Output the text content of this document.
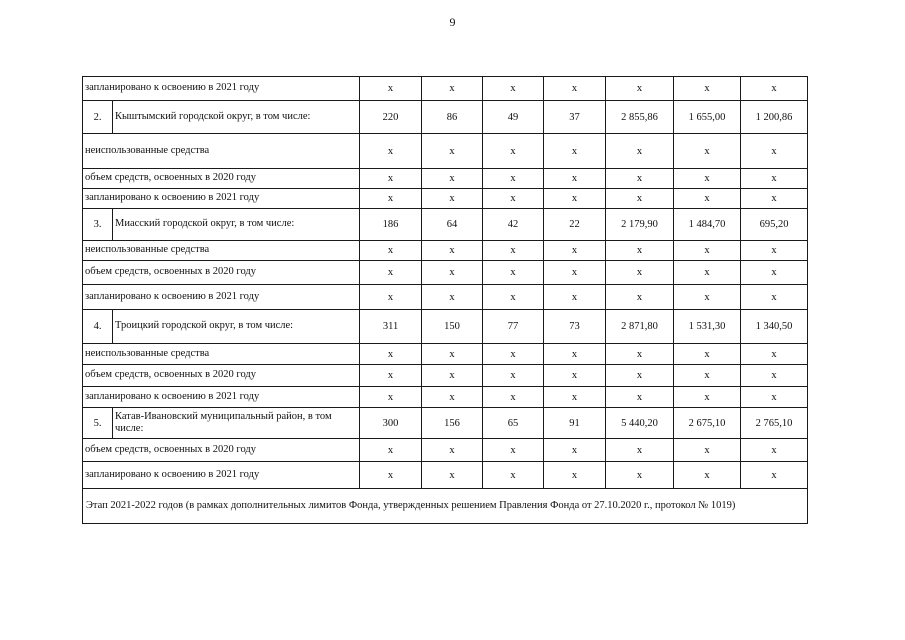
9
запланировано к освоению в 2021 году		х	х	х	х	х	х	х
2.	Кыштымский городской округ, в том числе:	220	86	49	37	2 855,86	1 655,00	1 200,86
неиспользованные средства		х	х	х	х	х	х	х
объем средств, освоенных в 2020 году		х	х	х	х	х	х	х
запланировано к освоению в 2021 году		х	х	х	х	х	х	х
3.	Миасский городской округ, в том числе:	186	64	42	22	2 179,90	1 484,70	695,20
неиспользованные средства		х	х	х	х	х	х	х
объем средств, освоенных в 2020 году		х	х	х	х	х	х	х
запланировано к освоению в 2021 году		х	х	х	х	х	х	х
4.	Троицкий городской округ, в том числе:	311	150	77	73	2 871,80	1 531,30	1 340,50
неиспользованные средства		х	х	х	х	х	х	х
объем средств, освоенных в 2020 году		х	х	х	х	х	х	х
запланировано к освоению в 2021 году		х	х	х	х	х	х	х
5.	Катав-Ивановский муниципальный район, в том числе:	300	156	65	91	5 440,20	2 675,10	2 765,10
объем средств, освоенных в 2020 году		х	х	х	х	х	х	х
запланировано к освоению в 2021 году		х	х	х	х	х	х	х
Этап 2021-2022 годов (в рамках дополнительных лимитов Фонда, утвержденных решением Правления Фонда от 27.10.2020 г., протокол № 1019)								
